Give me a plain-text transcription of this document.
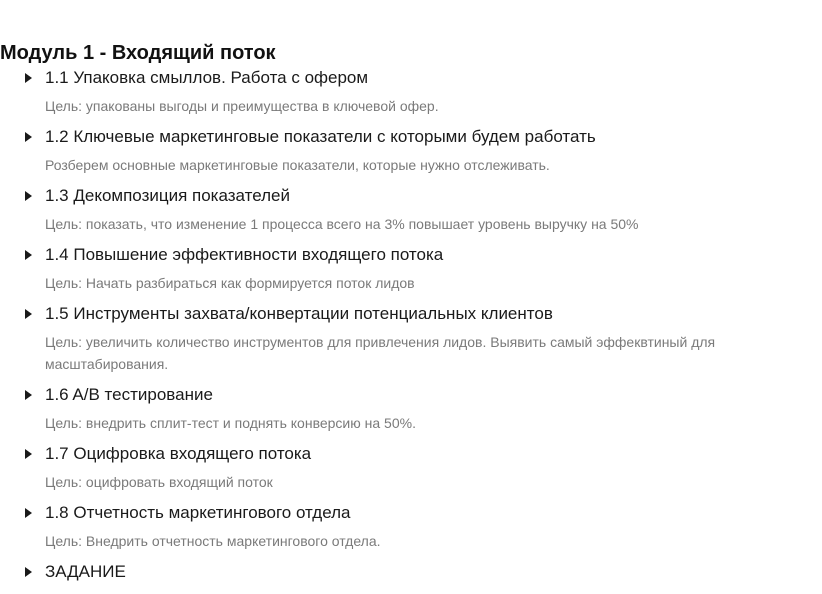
Модуль 1 - Входящий поток
1.1 Упаковка смыллов. Работа с офером
Цель: упакованы выгоды и преимущества в ключевой офер.
1.2 Ключевые маркетинговые показатели с которыми будем работать
Розберем основные маркетинговые показатели, которые нужно отслеживать.
1.3 Декомпозиция показателей
Цель: показать, что изменение 1 процесса всего на 3% повышает уровень выручку на 50%
1.4 Повышение эффективности входящего потока
Цель: Начать разбираться как формируется поток лидов
1.5 Инструменты захвата/конвертации потенциальных клиентов
Цель: увеличить количество инструментов для привлечения лидов. Выявить самый эффеквтиный для масштабирования.
1.6 A/B тестирование
Цель: внедрить сплит-тест и поднять конверсию на 50%.
1.7 Оцифровка входящего потока
Цель: оцифровать входящий поток
1.8 Отчетность маркетингового отдела
Цель: Внедрить отчетность маркетингового отдела.
ЗАДАНИЕ
